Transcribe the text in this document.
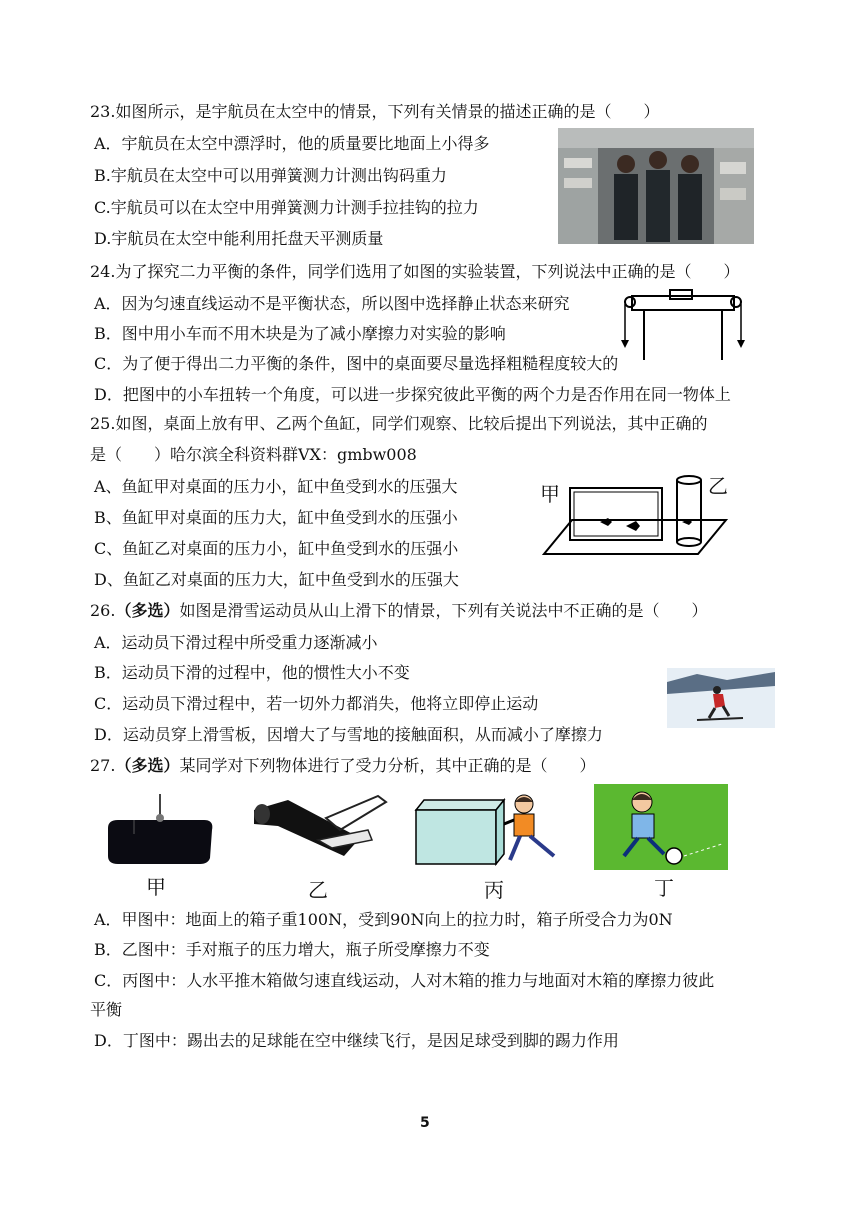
23.如图所示，是宇航员在太空中的情景，下列有关情景的描述正确的是（　　）
A．宇航员在太空中漂浮时，他的质量要比地面上小得多
B.宇航员在太空中可以用弹簧测力计测出钩码重力
C.宇航员可以在太空中用弹簧测力计测手拉挂钩的拉力
D.宇航员在太空中能利用托盘天平测质量
24.为了探究二力平衡的条件，同学们选用了如图的实验装置，下列说法中正确的是（　　）
A．因为匀速直线运动不是平衡状态，所以图中选择静止状态来研究
B．图中用小车而不用木块是为了减小摩擦力对实验的影响
C．为了便于得出二力平衡的条件，图中的桌面要尽量选择粗糙程度较大的
D．把图中的小车扭转一个角度，可以进一步探究彼此平衡的两个力是否作用在同一物体上
25.如图，桌面上放有甲、乙两个鱼缸，同学们观察、比较后提出下列说法，其中正确的
是（　　）哈尔滨全科资料群VX：gmbw008
A、鱼缸甲对桌面的压力小，缸中鱼受到水的压强大
B、鱼缸甲对桌面的压力大，缸中鱼受到水的压强小
C、鱼缸乙对桌面的压力小，缸中鱼受到水的压强小
D、鱼缸乙对桌面的压力大，缸中鱼受到水的压强大
甲	乙
26.（多选）如图是滑雪运动员从山上滑下的情景，下列有关说法中不正确的是（　　）
A．运动员下滑过程中所受重力逐渐减小
B．运动员下滑的过程中，他的惯性大小不变
C．运动员下滑过程中，若一切外力都消失，他将立即停止运动
D．运动员穿上滑雪板，因增大了与雪地的接触面积，从而减小了摩擦力
27.（多选）某同学对下列物体进行了受力分析，其中正确的是（　　）
甲	乙	丙	丁
A．甲图中：地面上的箱子重100N，受到90N向上的拉力时，箱子所受合力为0N
B．乙图中：手对瓶子的压力增大，瓶子所受摩擦力不变
C．丙图中：人水平推木箱做匀速直线运动，人对木箱的推力与地面对木箱的摩擦力彼此
平衡
D．丁图中：踢出去的足球能在空中继续飞行，是因足球受到脚的踢力作用
5
